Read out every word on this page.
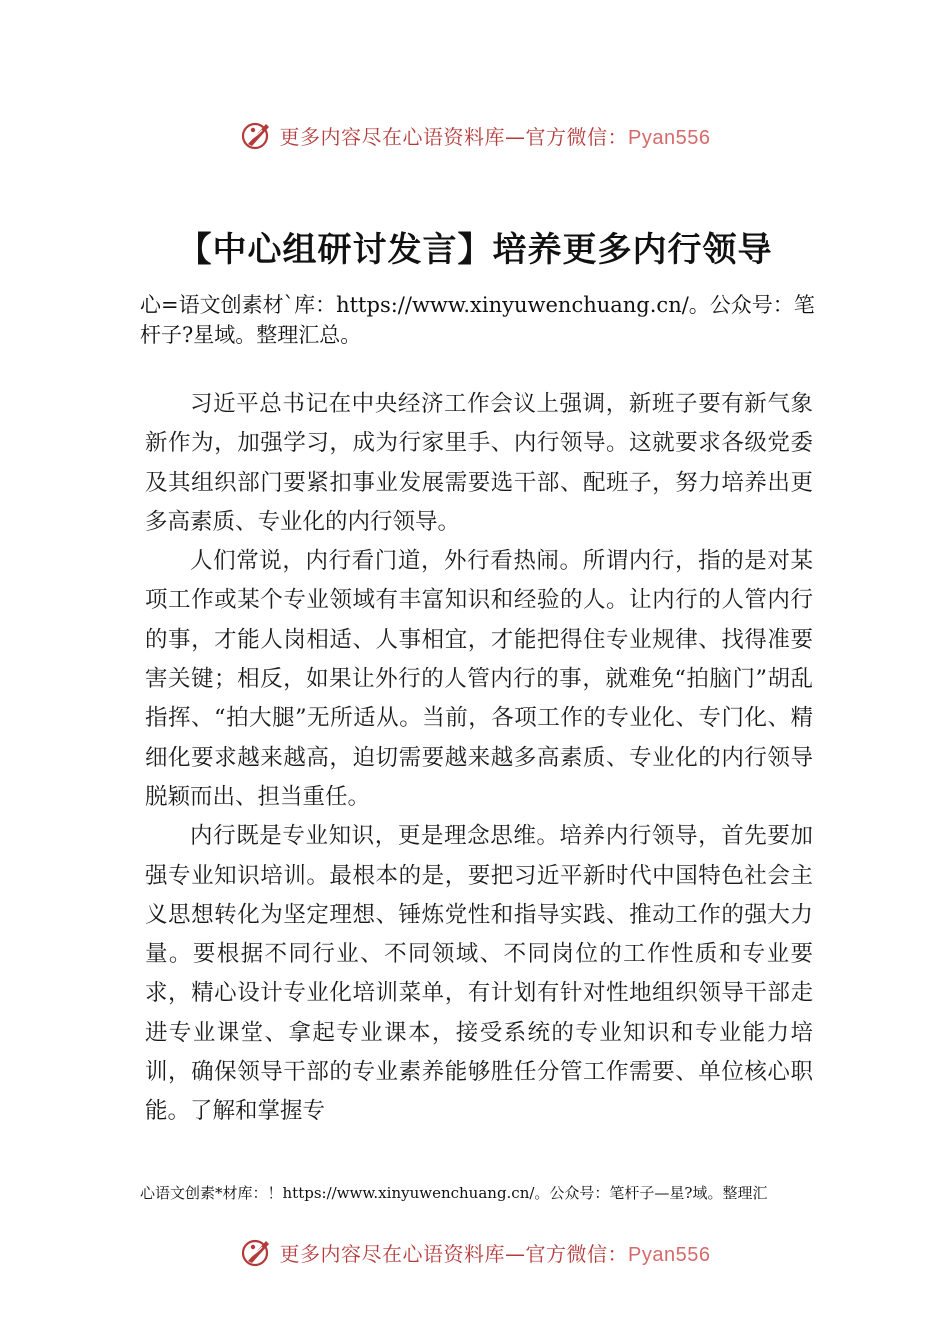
更多内容尽在心语资料库—官方微信：Pyan556
【中心组研讨发言】培养更多内行领导
心=语文创素材`库：https://www.xinyuwenchuang.cn/。公众号：笔杆子?星域。整理汇总。

习近平总书记在中央经济工作会议上强调，新班子要有新气象新作为，加强学习，成为行家里手、内行领导。这就要求各级党委及其组织部门要紧扣事业发展需要选干部、配班子，努力培养出更多高素质、专业化的内行领导。

人们常说，内行看门道，外行看热闹。所谓内行，指的是对某项工作或某个专业领域有丰富知识和经验的人。让内行的人管内行的事，才能人岗相适、人事相宜，才能把得住专业规律、找得准要害关键；相反，如果让外行的人管内行的事，就难免“拍脑门”胡乱指挥、“拍大腿”无所适从。当前，各项工作的专业化、专门化、精细化要求越来越高，迫切需要越来越多高素质、专业化的内行领导脱颖而出、担当重任。

内行既是专业知识，更是理念思维。培养内行领导，首先要加强专业知识培训。最根本的是，要把习近平新时代中国特色社会主义思想转化为坚定理想、锤炼党性和指导实践、推动工作的强大力量。要根据不同行业、不同领域、不同岗位的工作性质和专业要求，精心设计专业化培训菜单，有计划有针对性地组织领导干部走进专业课堂、拿起专业课本，接受系统的专业知识和专业能力培训，确保领导干部的专业素养能够胜任分管工作需要、单位核心职能。了解和掌握专

心语文创素*材库：！https://www.xinyuwenchuang.cn/。公众号：笔杆子—星?域。整理汇
更多内容尽在心语资料库—官方微信：Pyan556
